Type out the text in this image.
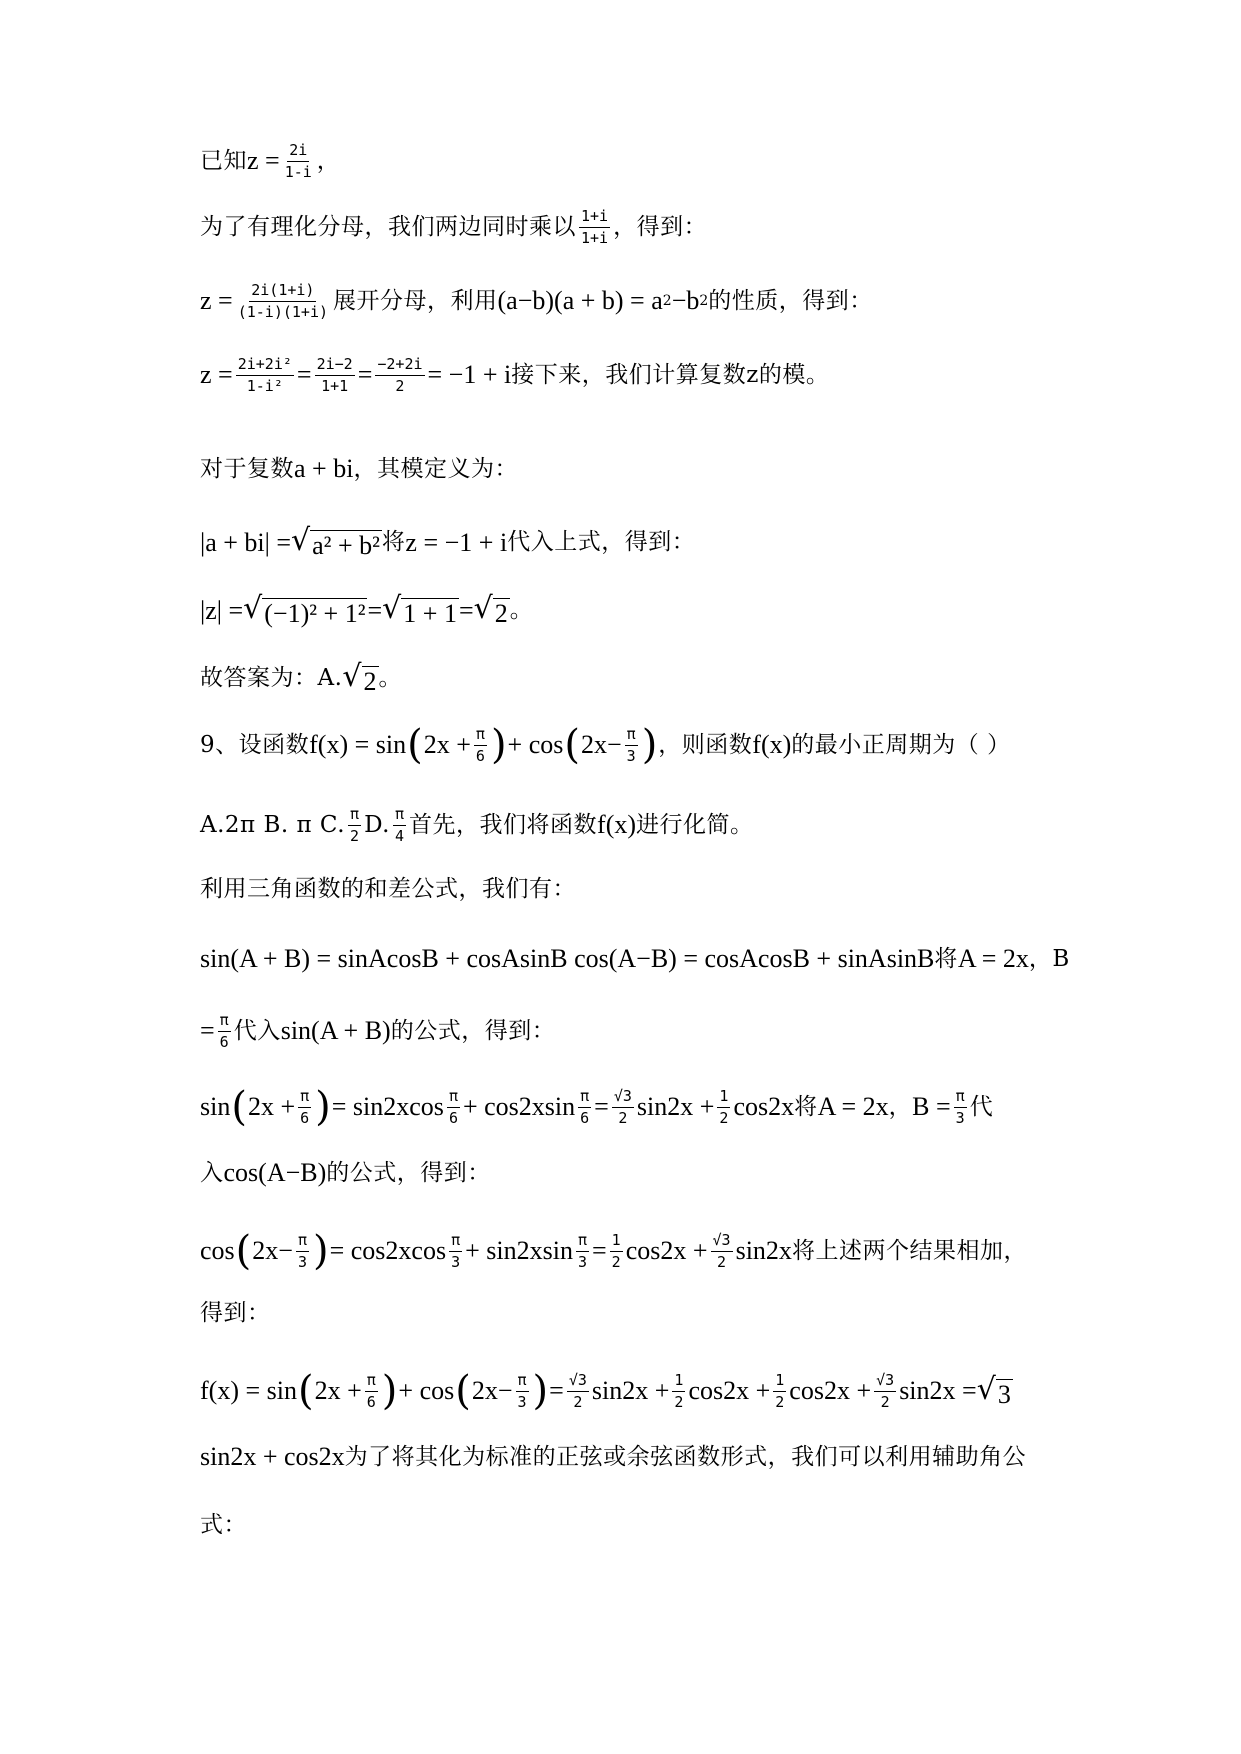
已知 $z = \frac{2i}{1-i}$ ，
为了有理化分母，我们两边同时乘以 $\frac{1+i}{1+i}$ ，得到：
$z = \frac{2i(1+i)}{(1-i)(1+i)}$ 展开分母，利用 (a−b)(a + b) = a 2 −b 2 的性质，得到：
$z = \frac{\text{2i+2i²}}{\text{1-i²}} = \frac{2i-2}{1+1} = \frac{-2+2i}{2} = -1 + i$ 接下来，我们计算复数z的模。
对于复数 a + bi ，其模定义为：
|a + bi| = √ a² + b² 将 z = −1 + i 代入上式，得到：
|z| = √ (−1)² + 1² = √ 1 + 1 = √ 2 。
故答案为：A. √ 2 。
9、设函数 f(x) = sin ( $2x + \frac{\pi}{6}$ ) + cos ( $2x- \frac{\pi}{3}$ ) ，则函数 f(x) 的最小正周期为（ ）
A.2π B. π C. $\frac{\pi}{2} D$. $\frac{\pi}{4}$ 首先，我们将函数 f(x) 进行化简。
利用三角函数的和差公式，我们有：
sin(A + B) = sinAcosB + cosAsinB cos(A−B) = cosAcosB + sinAsinB 将 A = 2x ，B
= $\frac{\pi}{6}$ 代入 sin(A + B) 的公式，得到：
sin ( $2x + \frac{\pi}{6}$ ) = $\sin 2xcos \frac{\pi}{6} + \cos 2xsin \frac{\pi}{6} = \frac{√3}{2} \sin 2x + \frac{1}{2} \cos 2x$ 将 A = 2x ， $B = \frac{\pi}{3}$ 代
入 cos(A−B) 的公式，得到：
cos ( $2x- \frac{\pi}{3}$ ) = $\cos 2xcos \frac{\pi}{3} + \sin 2xsin \frac{\pi}{3} = \frac{1}{2} \cos 2x + \frac{√3}{2} \sin 2x$ 将上述两个结果相加，
得到：
f(x) = sin ( $2x + \frac{\pi}{6}$ ) + cos ( $2x- \frac{\pi}{3}$ ) = $\frac{√3}{2} \sin 2x + \frac{1}{2} \cos 2x + \frac{1}{2} \cos 2x + \frac{√3}{2} \sin 2x$ = √ 3
sin2x + cos2x 为了将其化为标准的正弦或余弦函数形式，我们可以利用辅助角公
式：
